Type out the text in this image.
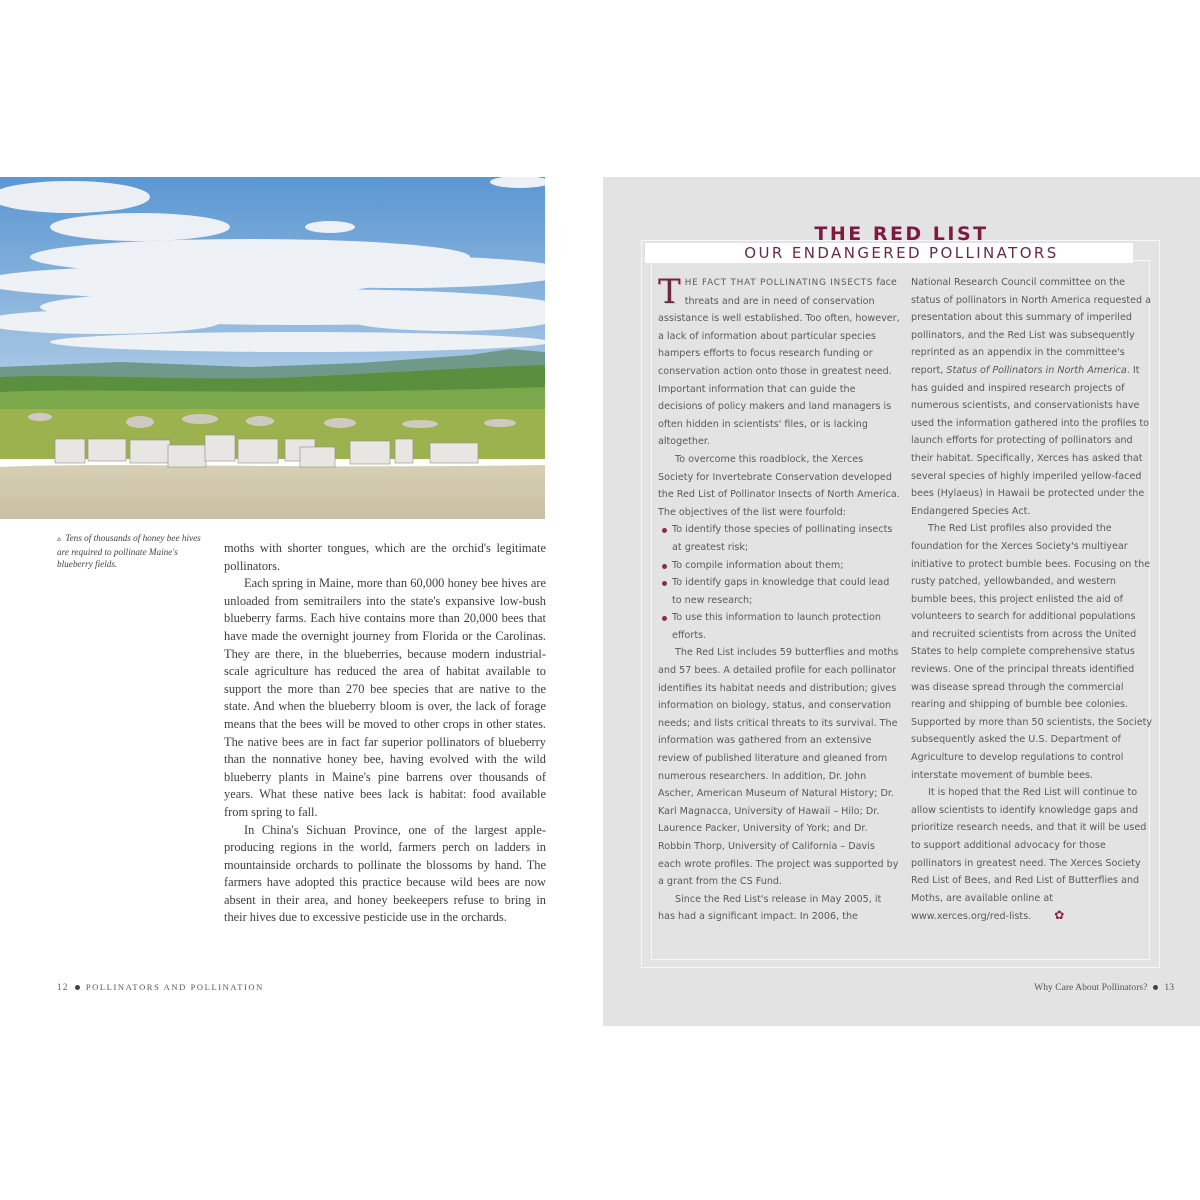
▵ Tens of thousands of honey bee hives are required to pollinate Maine's blueberry fields.

moths with shorter tongues, which are the orchid's legitimate pollinators.

Each spring in Maine, more than 60,000 honey bee hives are unloaded from semitrailers into the state's expansive low-bush blueberry farms. Each hive contains more than 20,000 bees that have made the overnight journey from Florida or the Carolinas. They are there, in the blueberries, because modern industrial-scale agriculture has reduced the area of habitat available to support the more than 270 bee species that are native to the state. And when the blueberry bloom is over, the lack of forage means that the bees will be moved to other crops in other states. The native bees are in fact far superior pollinators of blueberry than the nonnative honey bee, having evolved with the wild blueberry plants in Maine's pine barrens over thousands of years. What these native bees lack is habitat: food available from spring to fall.

In China's Sichuan Province, one of the largest apple-producing regions in the world, farmers perch on ladders in mountainside orchards to pollinate the blossoms by hand. The farmers have adopted this practice because wild bees are now absent in their area, and honey beekeepers refuse to bring in their hives due to excessive pesticide use in the orchards.

12 POLLINATORS AND POLLINATION
THE RED LIST
OUR ENDANGERED POLLINATORS

THE FACT THAT POLLINATING INSECTS face threats and are in need of conservation assistance is well established. Too often, however, a lack of information about particular species hampers efforts to focus research funding or conservation action onto those in greatest need. Important information that can guide the decisions of policy makers and land managers is often hidden in scientists' files, or is lacking altogether.

To overcome this roadblock, the Xerces Society for Invertebrate Conservation developed the Red List of Pollinator Insects of North America. The objectives of the list were fourfold:

To identify those species of pollinating insects at greatest risk;
To compile information about them;
To identify gaps in knowledge that could lead to new research;
To use this information to launch protection efforts.

The Red List includes 59 butterflies and moths and 57 bees. A detailed profile for each pollinator identifies its habitat needs and distribution; gives information on biology, status, and conservation needs; and lists critical threats to its survival. The information was gathered from an extensive review of published literature and gleaned from numerous researchers. In addition, Dr. John Ascher, American Museum of Natural History; Dr. Karl Magnacca, University of Hawaii – Hilo; Dr. Laurence Packer, University of York; and Dr. Robbin Thorp, University of California – Davis each wrote profiles. The project was supported by a grant from the CS Fund.

Since the Red List's release in May 2005, it has had a significant impact. In 2006, the

National Research Council committee on the status of pollinators in North America requested a presentation about this summary of imperiled pollinators, and the Red List was subsequently reprinted as an appendix in the committee's report, Status of Pollinators in North America. It has guided and inspired research projects of numerous scientists, and conservationists have used the information gathered into the profiles to launch efforts for protecting of pollinators and their habitat. Specifically, Xerces has asked that several species of highly imperiled yellow-faced bees (Hylaeus) in Hawaii be protected under the Endangered Species Act.

The Red List profiles also provided the foundation for the Xerces Society's multiyear initiative to protect bumble bees. Focusing on the rusty patched, yellowbanded, and western bumble bees, this project enlisted the aid of volunteers to search for additional populations and recruited scientists from across the United States to help complete comprehensive status reviews. One of the principal threats identified was disease spread through the commercial rearing and shipping of bumble bee colonies. Supported by more than 50 scientists, the Society subsequently asked the U.S. Department of Agriculture to develop regulations to control interstate movement of bumble bees.

It is hoped that the Red List will continue to allow scientists to identify knowledge gaps and prioritize research needs, and that it will be used to support additional advocacy for those pollinators in greatest need. The Xerces Society Red List of Bees, and Red List of Butterflies and Moths, are available online at www.xerces.org/red-lists. ✿

Why Care About Pollinators? 13
